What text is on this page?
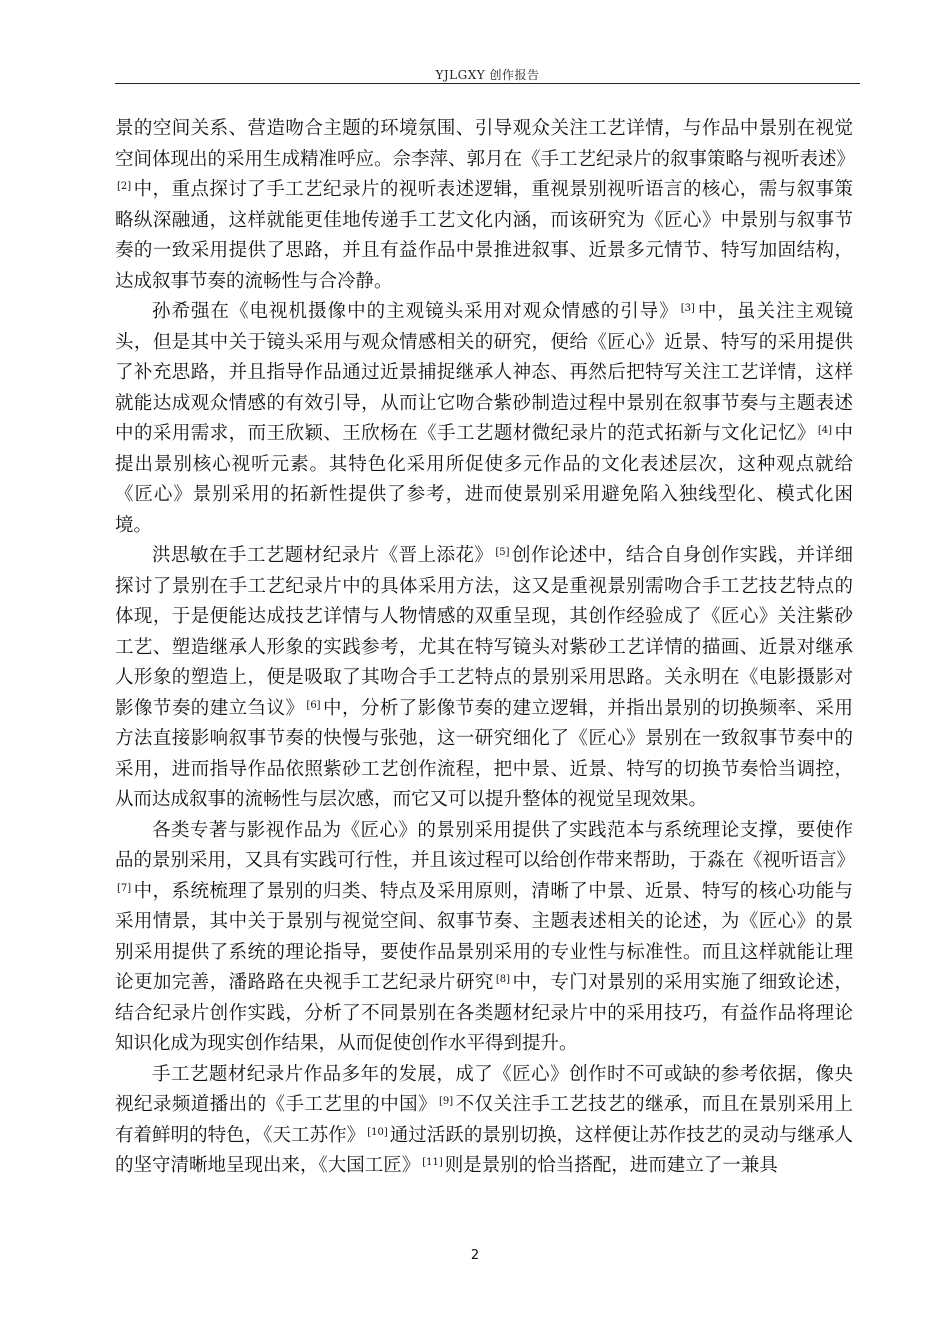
YJLGXY 创作报告

景的空间关系、营造吻合主题的环境氛围、引导观众关注工艺详情，与作品中景别在视觉空间体现出的采用生成精准呼应。佘李萍、郭月在《手工艺纪录片的叙事策略与视听表述》[2] 中，重点探讨了手工艺纪录片的视听表述逻辑，重视景别视听语言的核心，需与叙事策略纵深融通，这样就能更佳地传递手工艺文化内涵，而该研究为《匠心》中景别与叙事节奏的一致采用提供了思路，并且有益作品中景推进叙事、近景多元情节、特写加固结构，达成叙事节奏的流畅性与合冷静。

孙希强在《电视机摄像中的主观镜头采用对观众情感的引导》 [3] 中，虽关注主观镜头，但是其中关于镜头采用与观众情感相关的研究，便给《匠心》近景、特写的采用提供了补充思路，并且指导作品通过近景捕捉继承人神态、再然后把特写关注工艺详情，这样就能达成观众情感的有效引导，从而让它吻合紫砂制造过程中景别在叙事节奏与主题表述中的采用需求，而王欣颖、王欣杨在《手工艺题材微纪录片的范式拓新与文化记忆》 [4] 中提出景别核心视听元素。其特色化采用所促使多元作品的文化表述层次，这种观点就给《匠心》景别采用的拓新性提供了参考，进而使景别采用避免陷入独线型化、模式化困境。

洪思敏在手工艺题材纪录片《晋上添花》 [5] 创作论述中，结合自身创作实践，并详细探讨了景别在手工艺纪录片中的具体采用方法，这又是重视景别需吻合手工艺技艺特点的体现，于是便能达成技艺详情与人物情感的双重呈现，其创作经验成了《匠心》关注紫砂工艺、塑造继承人形象的实践参考，尤其在特写镜头对紫砂工艺详情的描画、近景对继承人形象的塑造上，便是吸取了其吻合手工艺特点的景别采用思路。关永明在《电影摄影对影像节奏的建立刍议》 [6] 中，分析了影像节奏的建立逻辑，并指出景别的切换频率、采用方法直接影响叙事节奏的快慢与张弛，这一研究细化了《匠心》景别在一致叙事节奏中的采用，进而指导作品依照紫砂工艺创作流程，把中景、近景、特写的切换节奏恰当调控，从而达成叙事的流畅性与层次感，而它又可以提升整体的视觉呈现效果。

各类专著与影视作品为《匠心》的景别采用提供了实践范本与系统理论支撑，要使作品的景别采用，又具有实践可行性，并且该过程可以给创作带来帮助，于淼在《视听语言》[7] 中，系统梳理了景别的归类、特点及采用原则，清晰了中景、近景、特写的核心功能与采用情景，其中关于景别与视觉空间、叙事节奏、主题表述相关的论述，为《匠心》的景别采用提供了系统的理论指导，要使作品景别采用的专业性与标准性。而且这样就能让理论更加完善，潘路路在央视手工艺纪录片研究 [8] 中，专门对景别的采用实施了细致论述，结合纪录片创作实践，分析了不同景别在各类题材纪录片中的采用技巧，有益作品将理论知识化成为现实创作结果，从而促使创作水平得到提升。

手工艺题材纪录片作品多年的发展，成了《匠心》创作时不可或缺的参考依据，像央视纪录频道播出的《手工艺里的中国》 [9] 不仅关注手工艺技艺的继承，而且在景别采用上有着鲜明的特色，《天工苏作》 [10] 通过活跃的景别切换，这样便让苏作技艺的灵动与继承人的坚守清晰地呈现出来，《大国工匠》 [11] 则是景别的恰当搭配，进而建立了一兼具

2
